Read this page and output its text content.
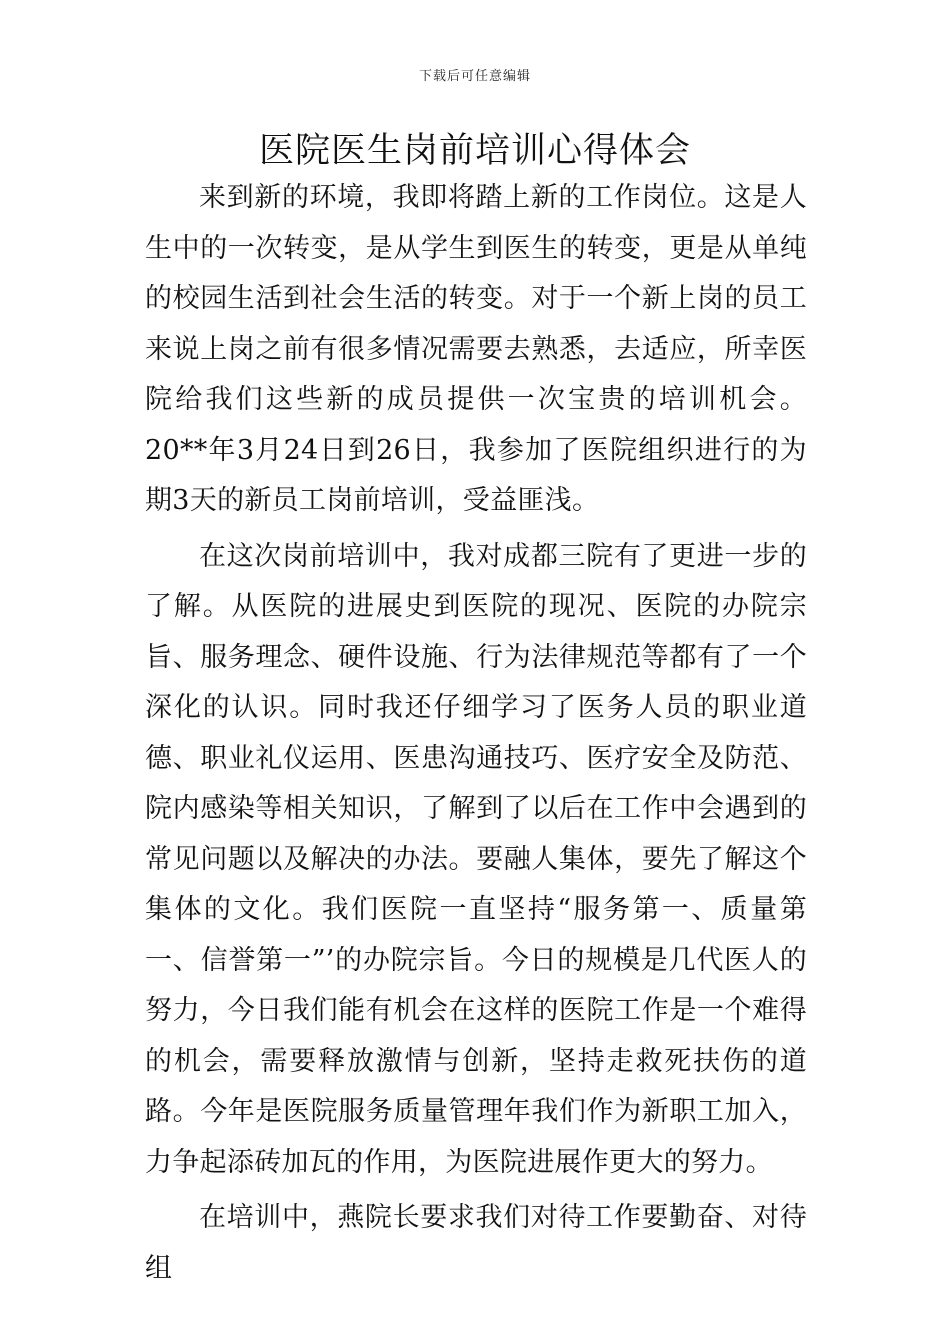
下载后可任意编辑
医院医生岗前培训心得体会

来到新的环境，我即将踏上新的工作岗位。这是人生中的一次转变，是从学生到医生的转变，更是从单纯的校园生活到社会生活的转变。对于一个新上岗的员工来说上岗之前有很多情况需要去熟悉，去适应，所幸医院给我们这些新的成员提供一次宝贵的培训机会。20**年3月24日到26日，我参加了医院组织进行的为期3天的新员工岗前培训，受益匪浅。

在这次岗前培训中，我对成都三院有了更进一步的了解。从医院的进展史到医院的现况、医院的办院宗旨、服务理念、硬件设施、行为法律规范等都有了一个深化的认识。同时我还仔细学习了医务人员的职业道德、职业礼仪运用、医患沟通技巧、医疗安全及防范、院内感染等相关知识，了解到了以后在工作中会遇到的常见问题以及解决的办法。要融人集体，要先了解这个集体的文化。我们医院一直坚持“服务第一、质量第一、信誉第一”’的办院宗旨。今日的规模是几代医人的努力，今日我们能有机会在这样的医院工作是一个难得的机会，需要释放激情与创新，坚持走救死扶伤的道路。今年是医院服务质量管理年我们作为新职工加入，力争起添砖加瓦的作用，为医院进展作更大的努力。

在培训中，燕院长要求我们对待工作要勤奋、对待组
